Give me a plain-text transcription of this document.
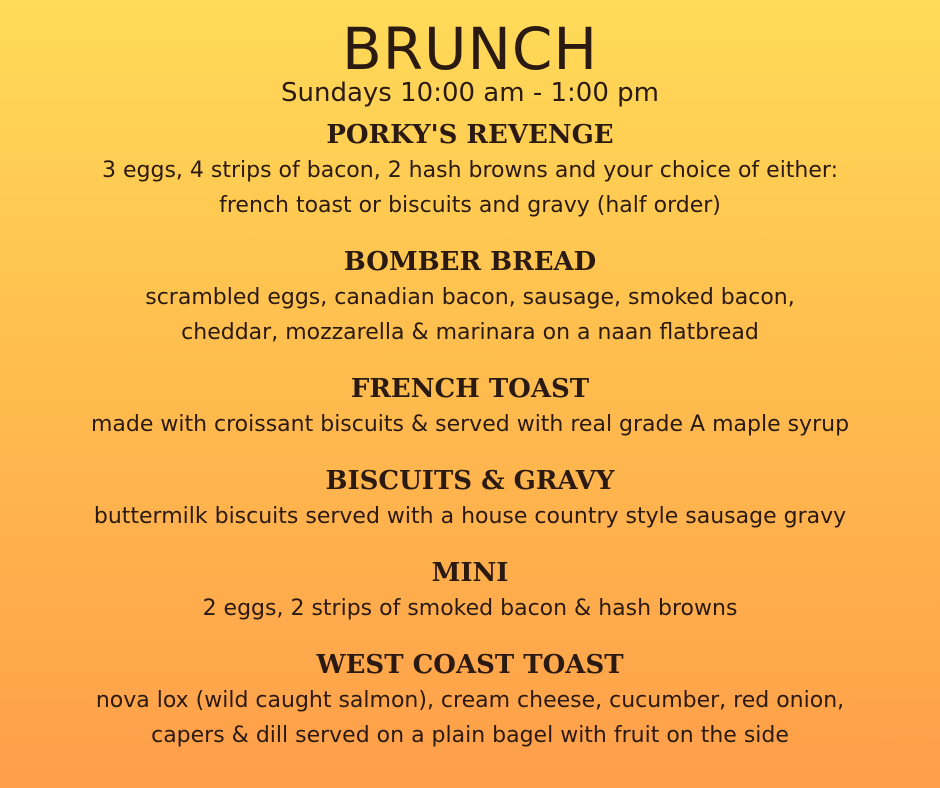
BRUNCH
Sundays 10:00 am - 1:00 pm
PORKY'S REVENGE

3 eggs, 4 strips of bacon, 2 hash browns and your choice of either:
french toast or biscuits and gravy (half order)

BOMBER BREAD

scrambled eggs, canadian bacon, sausage, smoked bacon,
cheddar, mozzarella & marinara on a naan flatbread

FRENCH TOAST

made with croissant biscuits & served with real grade A maple syrup

BISCUITS & GRAVY

buttermilk biscuits served with a house country style sausage gravy

MINI

2 eggs, 2 strips of smoked bacon & hash browns

WEST COAST TOAST

nova lox (wild caught salmon), cream cheese, cucumber, red onion,
capers & dill served on a plain bagel with fruit on the side
